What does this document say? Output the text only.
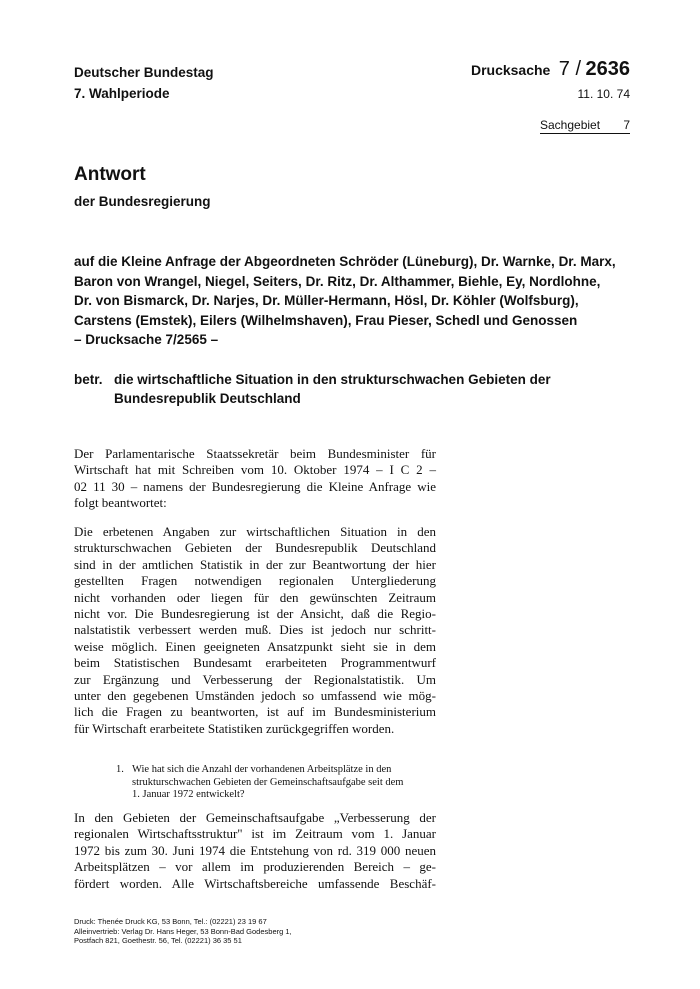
Deutscher Bundestag
7. Wahlperiode
Drucksache 7 / 2636
11. 10. 74
Sachgebiet 7
Antwort
der Bundesregierung
auf die Kleine Anfrage der Abgeordneten Schröder (Lüneburg), Dr. Warnke, Dr. Marx,
Baron von Wrangel, Niegel, Seiters, Dr. Ritz, Dr. Althammer, Biehle, Ey, Nordlohne,
Dr. von Bismarck, Dr. Narjes, Dr. Müller-Hermann, Hösl, Dr. Köhler (Wolfsburg),
Carstens (Emstek), Eilers (Wilhelmshaven), Frau Pieser, Schedl und Genossen
– Drucksache 7/2565 –
betr. die wirtschaftliche Situation in den strukturschwachen Gebieten der
Bundesrepublik Deutschland
Der Parlamentarische Staatssekretär beim Bundesminister für
Wirtschaft hat mit Schreiben vom 10. Oktober 1974 – I C 2 –
02 11 30 – namens der Bundesregierung die Kleine Anfrage wie
folgt beantwortet:
Die erbetenen Angaben zur wirtschaftlichen Situation in den
strukturschwachen Gebieten der Bundesrepublik Deutschland
sind in der amtlichen Statistik in der zur Beantwortung der hier
gestellten Fragen notwendigen regionalen Untergliederung
nicht vorhanden oder liegen für den gewünschten Zeitraum
nicht vor. Die Bundesregierung ist der Ansicht, daß die Regio-
nalstatistik verbessert werden muß. Dies ist jedoch nur schritt-
weise möglich. Einen geeigneten Ansatzpunkt sieht sie in dem
beim Statistischen Bundesamt erarbeiteten Programmentwurf
zur Ergänzung und Verbesserung der Regionalstatistik. Um
unter den gegebenen Umständen jedoch so umfassend wie mög-
lich die Fragen zu beantworten, ist auf im Bundesministerium
für Wirtschaft erarbeitete Statistiken zurückgegriffen worden.
1. Wie hat sich die Anzahl der vorhandenen Arbeitsplätze in den
strukturschwachen Gebieten der Gemeinschaftsaufgabe seit dem
1. Januar 1972 entwickelt?
In den Gebieten der Gemeinschaftsaufgabe „Verbesserung der
regionalen Wirtschaftsstruktur" ist im Zeitraum vom 1. Januar
1972 bis zum 30. Juni 1974 die Entstehung von rd. 319 000 neuen
Arbeitsplätzen – vor allem im produzierenden Bereich – ge-
fördert worden. Alle Wirtschaftsbereiche umfassende Beschäf-
Druck: Thenée Druck KG, 53 Bonn, Tel.: (02221) 23 19 67
Alleinvertrieb: Verlag Dr. Hans Heger, 53 Bonn-Bad Godesberg 1,
Postfach 821, Goethestr. 56, Tel. (02221) 36 35 51
